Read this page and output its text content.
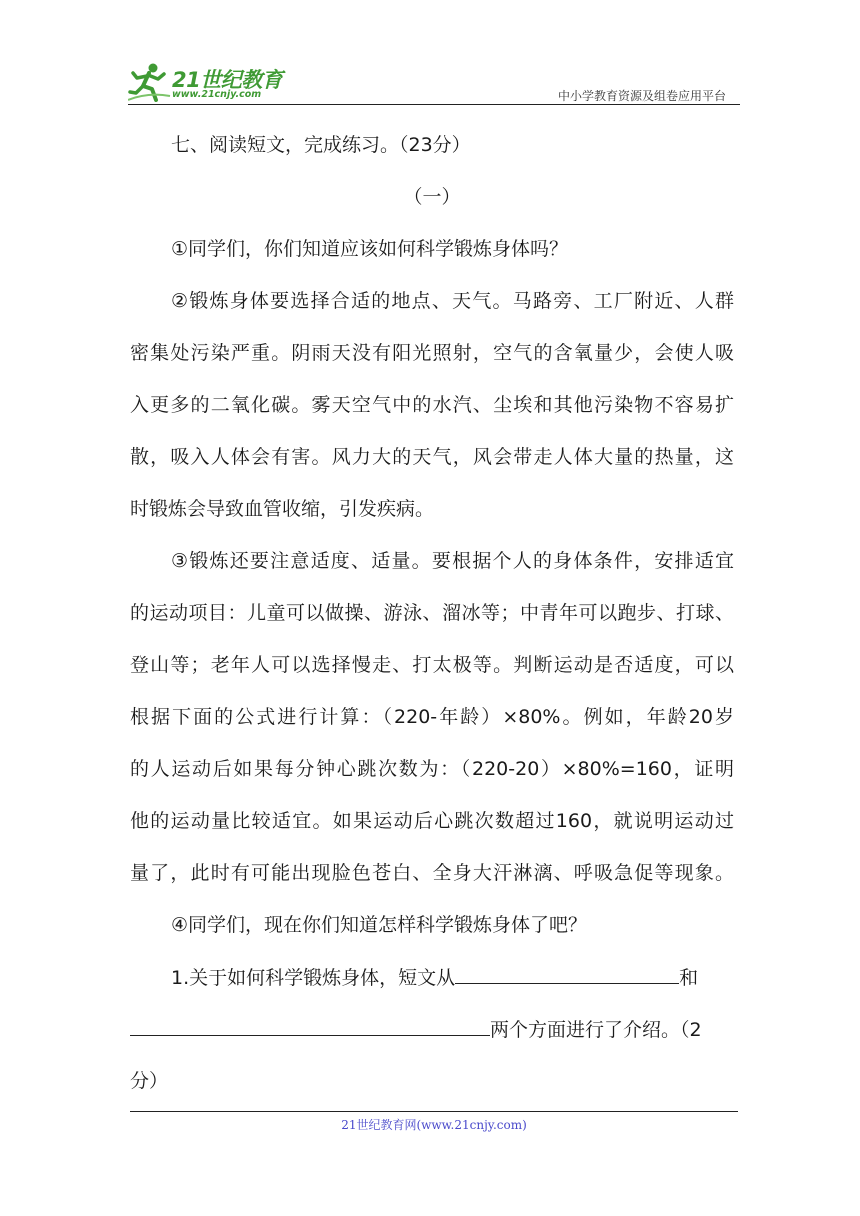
21世纪教育
www.21cnjy.com	中小学教育资源及组卷应用平台
七、阅读短文，完成练习。（23分）
（一）
①同学们，你们知道应该如何科学锻炼身体吗？
②锻炼身体要选择合适的地点、天气。马路旁、工厂附近、人群
密集处污染严重。阴雨天没有阳光照射，空气的含氧量少，会使人吸
入更多的二氧化碳。雾天空气中的水汽、尘埃和其他污染物不容易扩
散，吸入人体会有害。风力大的天气，风会带走人体大量的热量，这
时锻炼会导致血管收缩，引发疾病。
③锻炼还要注意适度、适量。要根据个人的身体条件，安排适宜
的运动项目：儿童可以做操、游泳、溜冰等；中青年可以跑步、打球、
登山等；老年人可以选择慢走、打太极等。判断运动是否适度，可以
根据下面的公式进行计算：（220-年龄）×80%。例如，年龄20岁
的人运动后如果每分钟心跳次数为：（220-20）×80%=160，证明
他的运动量比较适宜。如果运动后心跳次数超过160，就说明运动过
量了，此时有可能出现脸色苍白、全身大汗淋漓、呼吸急促等现象。
④同学们，现在你们知道怎样科学锻炼身体了吧？
1.关于如何科学锻炼身体，短文从	和
两个方面进行了介绍。（2
分）
21世纪教育网(www.21cnjy.com)
